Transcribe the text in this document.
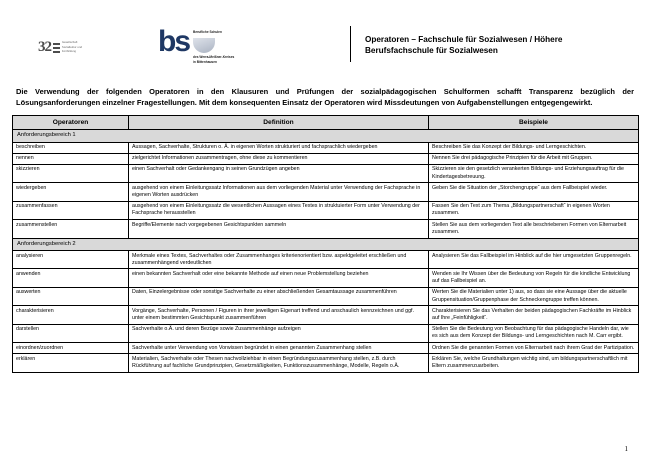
32	Gesellschaft
Sozialkultur und
Fortbildung	bs Berufliche Schulen
des Werra-Meißner-Kreises
in Bittenhausen
Operatoren – Fachschule für Sozialwesen / Höhere
Berufsfachschule für Sozialwesen

Die Verwendung der folgenden Operatoren in den Klausuren und Prüfungen der sozialpädagogischen Schulformen schafft Transparenz bezüglich der Lösungsanforderungen einzelner Fragestellungen. Mit dem konsequenten Einsatz der Operatoren wird Missdeutungen von Aufgabenstellungen entgegengewirkt.

Operatoren	Definition	Beispiele
Anforderungsbereich 1		
beschreiben	Aussagen, Sachverhalte, Strukturen o. Ä. in eigenen Worten strukturiert und fachsprachlich wiedergeben	Beschreiben Sie das Konzept der Bildungs- und Lerngeschichten.
nennen	zielgerichtet Informationen zusammentragen, ohne diese zu kommentieren	Nennen Sie drei pädagogische Prinzipien für die Arbeit mit Gruppen.
skizzieren	einen Sachverhalt oder Gedankengang in seinen Grundzügen angeben	Skizzieren sie den gesetzlich verankerten Bildungs- und Erziehungsauftrag für die Kindertagesbetreuung.
wiedergeben	ausgehend von einem Einleitungssatz Informationen aus dem vorliegenden Material unter Verwendung der Fachsprache in eigenen Worten ausdrücken	Geben Sie die Situation der „Storchengruppe“ aus dem Fallbeispiel wieder.
zusammenfassen	ausgehend von einem Einleitungssatz die wesentlichen Aussagen eines Textes in struktuierter Form unter Verwendung der Fachsprache herausstellen	Fassen Sie den Text zum Thema „Bildungspartnerschaft“ in eigenen Worten zusammen.
zusammenstellen	Begriffe/Elemente nach vorgegebenen Gesichtspunkten sammeln	Stellen Sie aus dem vorliegenden Text alle beschriebenen Formen von Elternarbeit zusammen.
Anforderungsbereich 2		
analysieren	Merkmale eines Textes, Sachverhaltes oder Zusammenhanges kriterienorientiert bzw. aspektgeleitet erschließen und zusammenhängend verdeutlichen	Analysieren Sie das Fallbeispiel im Hinblick auf die hier umgesetzten Gruppenregeln.
anwenden	einen bekannten Sachverhalt oder eine bekannte Methode auf einen neue Problemstellung beziehen	Wenden sie Ihr Wissen über die Bedeutung von Regeln für die kindliche Entwicklung auf das Fallbeispiel an.
auswerten	Daten, Einzelergebnisse oder sonstige Sachverhalte zu einer abschließenden Gesamtaussage zusammenführen	Werten Sie die Materialien unter 1) aus, so dass sie eine Aussage über die aktuelle Gruppensituation/Gruppenphase der Schneckengruppe treffen können.
charakterisieren	Vorgänge, Sachverhalte, Personen / Figuren in ihrer jeweiligen Eigenart treffend und anschaulich kennzeichnen und ggf. unter einem bestimmten Gesichtspunkt zusammenführen	Charakterisieren Sie das Verhalten der beiden pädagogischen Fachkräfte im Hinblick auf Ihre „Feinfühligkeit“.
darstellen	Sachverhalte o.Ä. und deren Bezüge sowie Zusammenhänge aufzeigen	Stellen Sie die Bedeutung von Beobachtung für das pädagogische Handeln dar, wie es sich aus dem Konzept der Bildungs- und Lerngeschichten nach M. Carr ergibt.
einordnen/zuordnen	Sachverhalte unter Verwendung von Vorwissen begründet in einen genannten Zusammenhang stellen	Ordnen Sie die genannten Formen von Elternarbeit nach ihrem Grad der Partizipation.
erklären	Materialien, Sachverhalte oder Thesen nachvollziehbar in einen Begründungszusammenhang stellen, z.B. durch Rückführung auf fachliche Grundprinzipien, Gesetzmäßigkeiten, Funktionszusammenhänge, Modelle, Regeln o.Ä.	Erklären Sie, welche Grundhaltungen wichtig sind, um bildungspartnerschaftlich mit Eltern zusammenzuarbeiten.
1
